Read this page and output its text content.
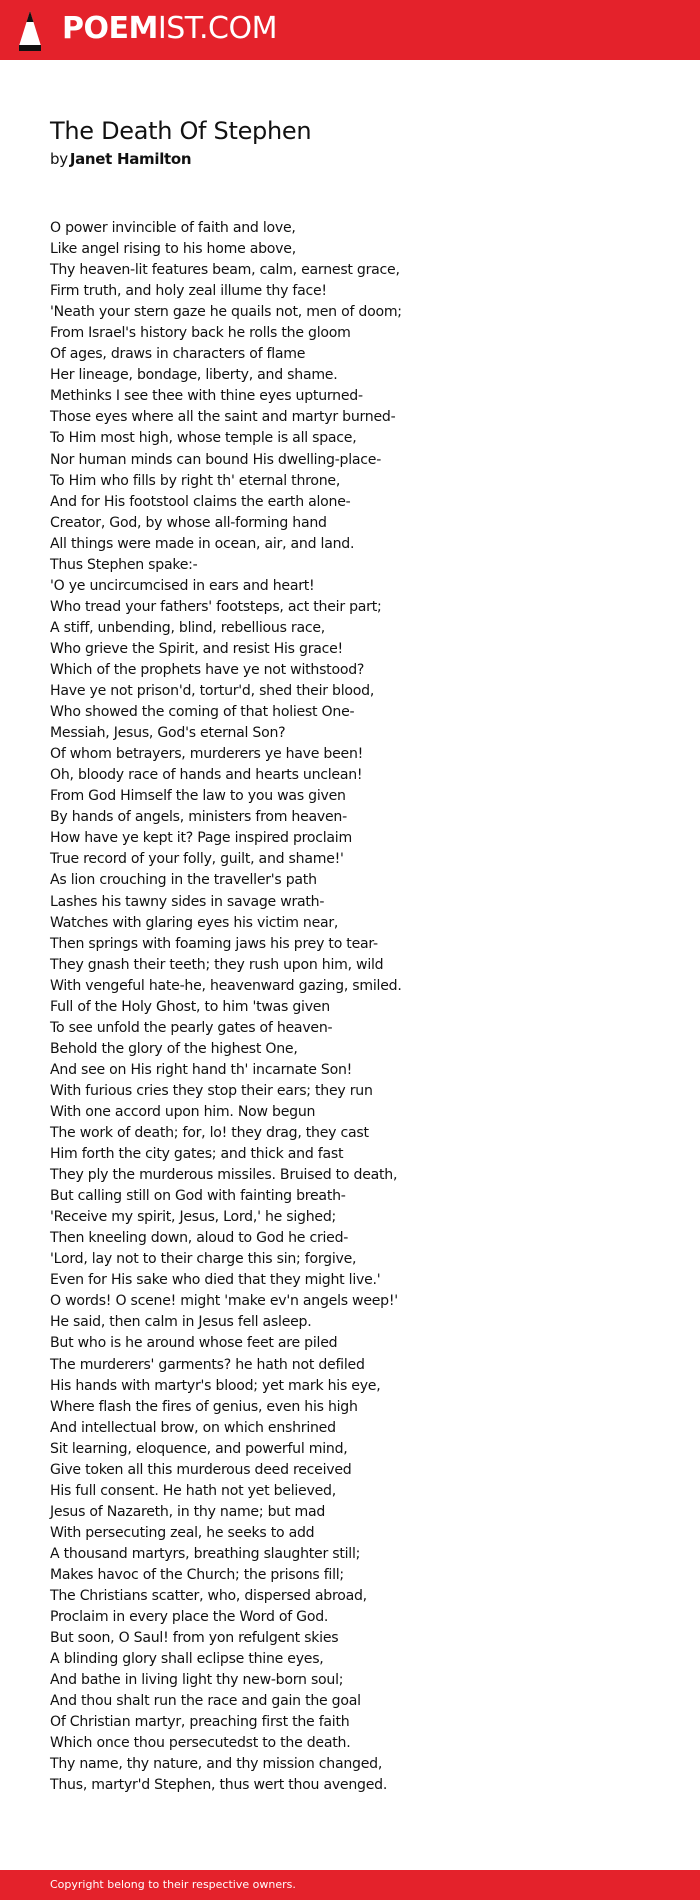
POEMIST.COM
The Death Of Stephen
by Janet Hamilton
O power invincible of faith and love,
Like angel rising to his home above,
Thy heaven-lit features beam, calm, earnest grace,
Firm truth, and holy zeal illume thy face!
'Neath your stern gaze he quails not, men of doom;
From Israel's history back he rolls the gloom
Of ages, draws in characters of flame
Her lineage, bondage, liberty, and shame.
Methinks I see thee with thine eyes upturned-
Those eyes where all the saint and martyr burned-
To Him most high, whose temple is all space,
Nor human minds can bound His dwelling-place-
To Him who fills by right th' eternal throne,
And for His footstool claims the earth alone-
Creator, God, by whose all-forming hand
All things were made in ocean, air, and land.
Thus Stephen spake:-
'O ye uncircumcised in ears and heart!
Who tread your fathers' footsteps, act their part;
A stiff, unbending, blind, rebellious race,
Who grieve the Spirit, and resist His grace!
Which of the prophets have ye not withstood?
Have ye not prison'd, tortur'd, shed their blood,
Who showed the coming of that holiest One-
Messiah, Jesus, God's eternal Son?
Of whom betrayers, murderers ye have been!
Oh, bloody race of hands and hearts unclean!
From God Himself the law to you was given
By hands of angels, ministers from heaven-
How have ye kept it? Page inspired proclaim
True record of your folly, guilt, and shame!'
As lion crouching in the traveller's path
Lashes his tawny sides in savage wrath-
Watches with glaring eyes his victim near,
Then springs with foaming jaws his prey to tear-
They gnash their teeth; they rush upon him, wild
With vengeful hate-he, heavenward gazing, smiled.
Full of the Holy Ghost, to him 'twas given
To see unfold the pearly gates of heaven-
Behold the glory of the highest One,
And see on His right hand th' incarnate Son!
With furious cries they stop their ears; they run
With one accord upon him. Now begun
The work of death; for, lo! they drag, they cast
Him forth the city gates; and thick and fast
They ply the murderous missiles. Bruised to death,
But calling still on God with fainting breath-
'Receive my spirit, Jesus, Lord,' he sighed;
Then kneeling down, aloud to God he cried-
'Lord, lay not to their charge this sin; forgive,
Even for His sake who died that they might live.'
O words! O scene! might 'make ev'n angels weep!'
He said, then calm in Jesus fell asleep.
But who is he around whose feet are piled
The murderers' garments? he hath not defiled
His hands with martyr's blood; yet mark his eye,
Where flash the fires of genius, even his high
And intellectual brow, on which enshrined
Sit learning, eloquence, and powerful mind,
Give token all this murderous deed received
His full consent. He hath not yet believed,
Jesus of Nazareth, in thy name; but mad
With persecuting zeal, he seeks to add
A thousand martyrs, breathing slaughter still;
Makes havoc of the Church; the prisons fill;
The Christians scatter, who, dispersed abroad,
Proclaim in every place the Word of God.
But soon, O Saul! from yon refulgent skies
A blinding glory shall eclipse thine eyes,
And bathe in living light thy new-born soul;
And thou shalt run the race and gain the goal
Of Christian martyr, preaching first the faith
Which once thou persecutedst to the death.
Thy name, thy nature, and thy mission changed,
Thus, martyr'd Stephen, thus wert thou avenged.
Copyright belong to their respective owners.
